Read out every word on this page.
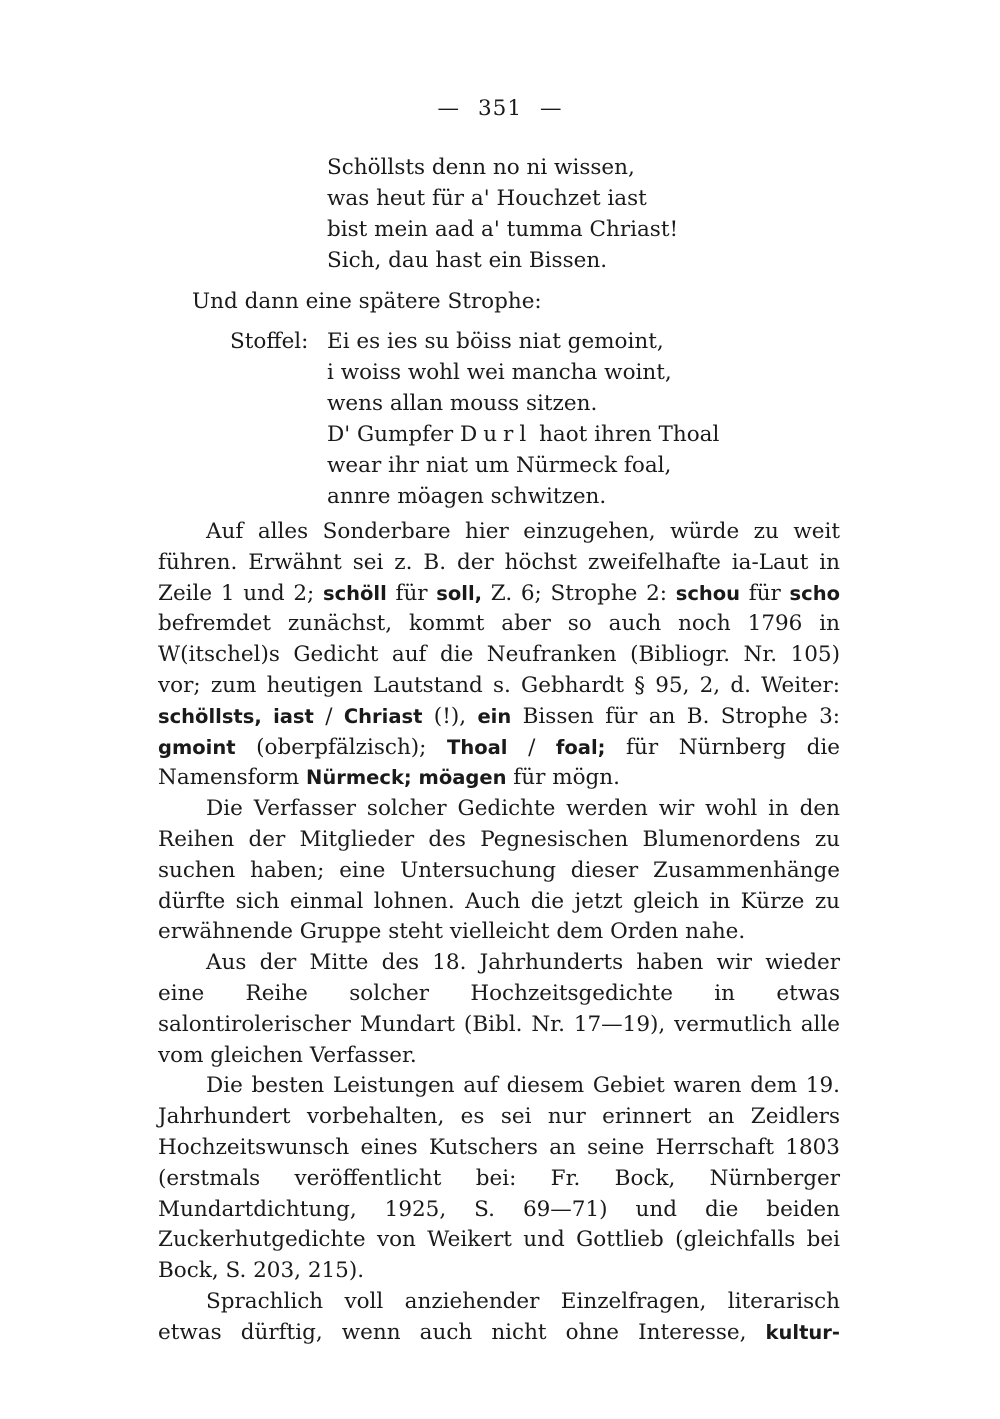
— 351 —
Schöllsts denn no ni wissen,
was heut für a' Houchzet iast
bist mein aad a' tumma Chriast!
Sich, dau hast ein Bissen.
Und dann eine spätere Strophe:
Stoffel: Ei es ies su böiss niat gemoint,
i woiss wohl wei mancha woint,
wens allan mouss sitzen.
D' Gumpfer Durl haot ihren Thoal
wear ihr niat um Nürmeck foal,
annre möagen schwitzen.

Auf alles Sonderbare hier einzugehen, würde zu weit führen. Erwähnt sei z. B. der höchst zweifelhafte ia-Laut in Zeile 1 und 2; schöll für soll, Z. 6; Strophe 2: schou für scho befremdet zunächst, kommt aber so auch noch 1796 in W(itschel)s Gedicht auf die Neufranken (Bibliogr. Nr. 105) vor; zum heutigen Lautstand s. Gebhardt § 95, 2, d. Weiter: schöllsts, iast / Chriast (!), ein Bissen für an B. Strophe 3: gmoint (oberpfälzisch); Thoal / foal; für Nürnberg die Namensform Nürmeck; möagen für mögn.

Die Verfasser solcher Gedichte werden wir wohl in den Reihen der Mitglieder des Pegnesischen Blumenordens zu suchen haben; eine Untersuchung dieser Zusammenhänge dürfte sich einmal lohnen. Auch die jetzt gleich in Kürze zu erwähnende Gruppe steht vielleicht dem Orden nahe.

Aus der Mitte des 18. Jahrhunderts haben wir wieder eine Reihe solcher Hochzeitsgedichte in etwas salontirolerischer Mundart (Bibl. Nr. 17—19), vermutlich alle vom gleichen Verfasser.

Die besten Leistungen auf diesem Gebiet waren dem 19. Jahrhundert vorbehalten, es sei nur erinnert an Zeidlers Hochzeitswunsch eines Kutschers an seine Herrschaft 1803 (erstmals veröffentlicht bei: Fr. Bock, Nürnberger Mundartdichtung, 1925, S. 69—71) und die beiden Zuckerhutgedichte von Weikert und Gottlieb (gleichfalls bei Bock, S. 203, 215).

Sprachlich voll anziehender Einzelfragen, literarisch etwas dürftig, wenn auch nicht ohne Interesse, kultur-
